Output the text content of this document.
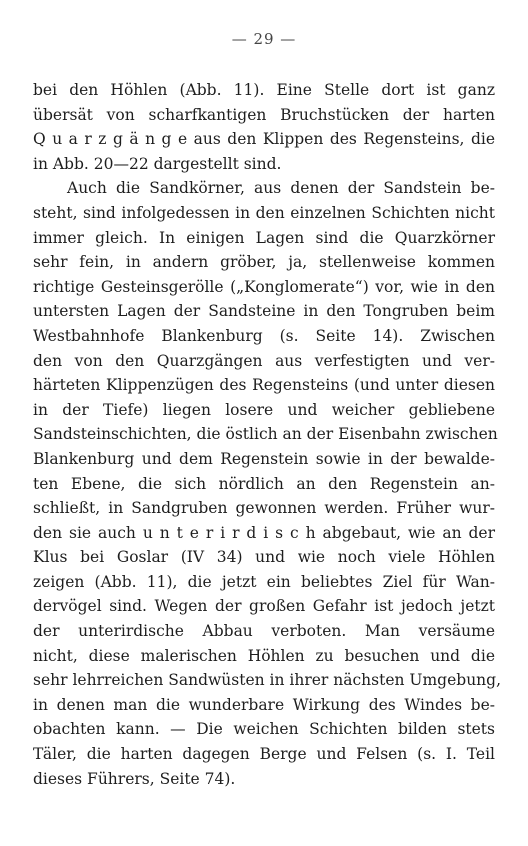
— 29 —
bei den Höhlen (Abb. 11). Eine Stelle dort ist ganz
übersät von scharfkantigen Bruchstücken der harten
Q u a r z g ä n g e aus den Klippen des Regensteins, die
in Abb. 20—22 dargestellt sind.
Auch die Sandkörner, aus denen der Sandstein be-
steht, sind infolgedessen in den einzelnen Schichten nicht
immer gleich. In einigen Lagen sind die Quarzkörner
sehr fein, in andern gröber, ja, stellenweise kommen
richtige Gesteinsgerölle („Konglomerate“) vor, wie in den
untersten Lagen der Sandsteine in den Tongruben beim
Westbahnhofe Blankenburg (s. Seite 14). Zwischen
den von den Quarzgängen aus verfestigten und ver-
härteten Klippenzügen des Regensteins (und unter diesen
in der Tiefe) liegen losere und weicher gebliebene
Sandsteinschichten, die östlich an der Eisenbahn zwischen
Blankenburg und dem Regenstein sowie in der bewalde-
ten Ebene, die sich nördlich an den Regenstein an-
schließt, in Sandgruben gewonnen werden. Früher wur-
den sie auch u n t e r i r d i s c h abgebaut, wie an der
Klus bei Goslar (IV 34) und wie noch viele Höhlen
zeigen (Abb. 11), die jetzt ein beliebtes Ziel für Wan-
dervögel sind. Wegen der großen Gefahr ist jedoch jetzt
der unterirdische Abbau verboten. Man versäume
nicht, diese malerischen Höhlen zu besuchen und die
sehr lehrreichen Sandwüsten in ihrer nächsten Umgebung,
in denen man die wunderbare Wirkung des Windes be-
obachten kann. — Die weichen Schichten bilden stets
Täler, die harten dagegen Berge und Felsen (s. I. Teil
dieses Führers, Seite 74).
